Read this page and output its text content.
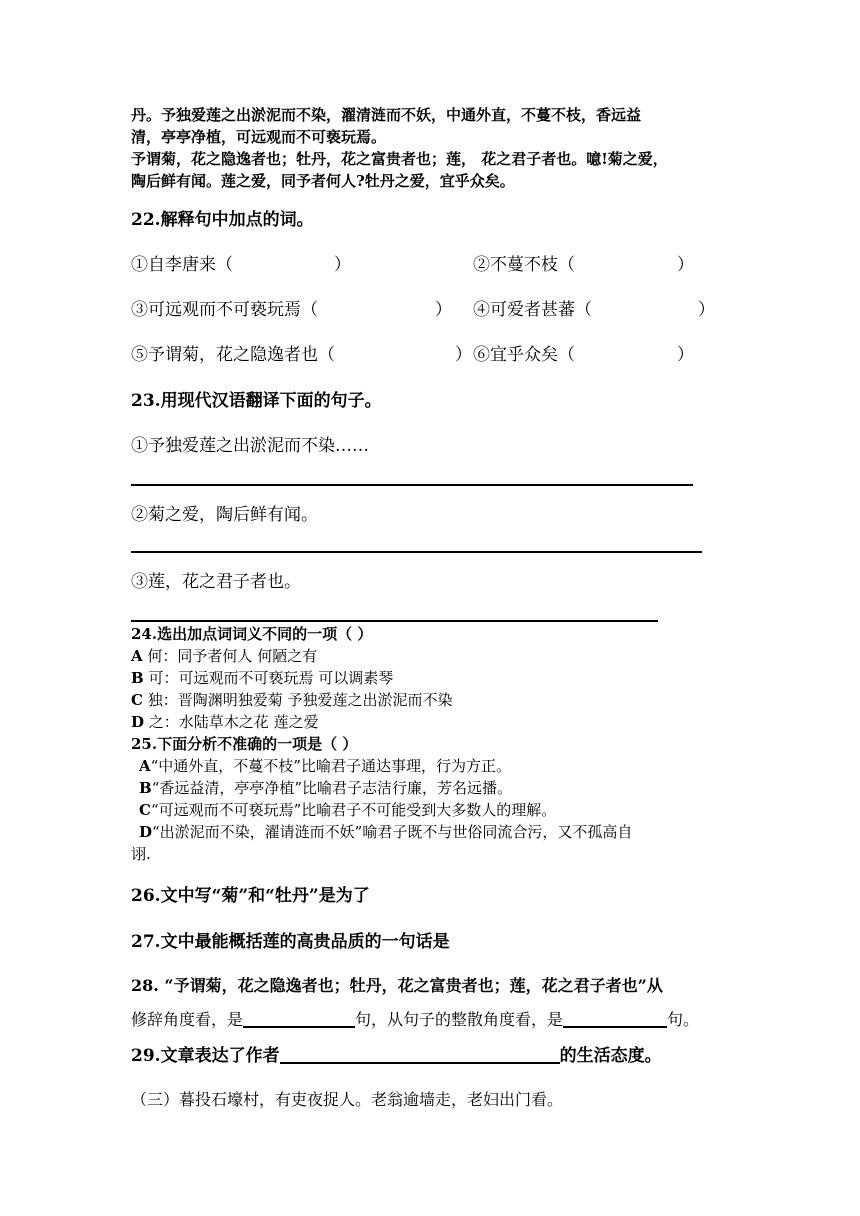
丹。予独爱莲之出淤泥而不染，濯清涟而不妖，中通外直，不蔓不枝，香远益
清，亭亭净植，可远观而不可亵玩焉。
予谓菊，花之隐逸者也；牡丹，花之富贵者也；莲， 花之君子者也。噫!菊之爱，
陶后鲜有闻。莲之爱，同予者何人?牡丹之爱，宜乎众矣。
22.解释句中加点的词。
①自李唐来（	）	②不蔓不枝（	）
③可远观而不可亵玩焉（	） ④可爱者甚蕃（	）
⑤予谓菊，花之隐逸者也（	） ⑥宜乎众矣（	）
23.用现代汉语翻译下面的句子。
①予独爱莲之出淤泥而不染……
②菊之爱，陶后鲜有闻。
③莲，花之君子者也。
24.选出加点词词义不同的一项（ ）
A 何：同予者何人 何陋之有
B 可：可远观而不可亵玩焉 可以调素琴
C 独：晋陶渊明独爱菊 予独爱莲之出淤泥而不染
D 之：水陆草木之花 莲之爱
25.下面分析不准确的一项是（ ）
A“中通外直，不蔓不枝”比喻君子通达事理，行为方正。
B“香远益清，亭亭净植”比喻君子志洁行廉，芳名远播。
C“可远观而不可亵玩焉”比喻君子不可能受到大多数人的理解。
D“出淤泥而不染，濯请涟而不妖”喻君子既不与世俗同流合污，又不孤高自
诩.
26.文中写“菊”和“牡丹”是为了
27.文中最能概括莲的高贵品质的一句话是
28. “予谓菊，花之隐逸者也；牡丹，花之富贵者也；莲，花之君子者也”从
修辞角度看，是	句，从句子的整散角度看，是	句。
29.文章表达了作者	的生活态度。
（三）暮投石壕村，有吏夜捉人。老翁逾墙走，老妇出门看。
